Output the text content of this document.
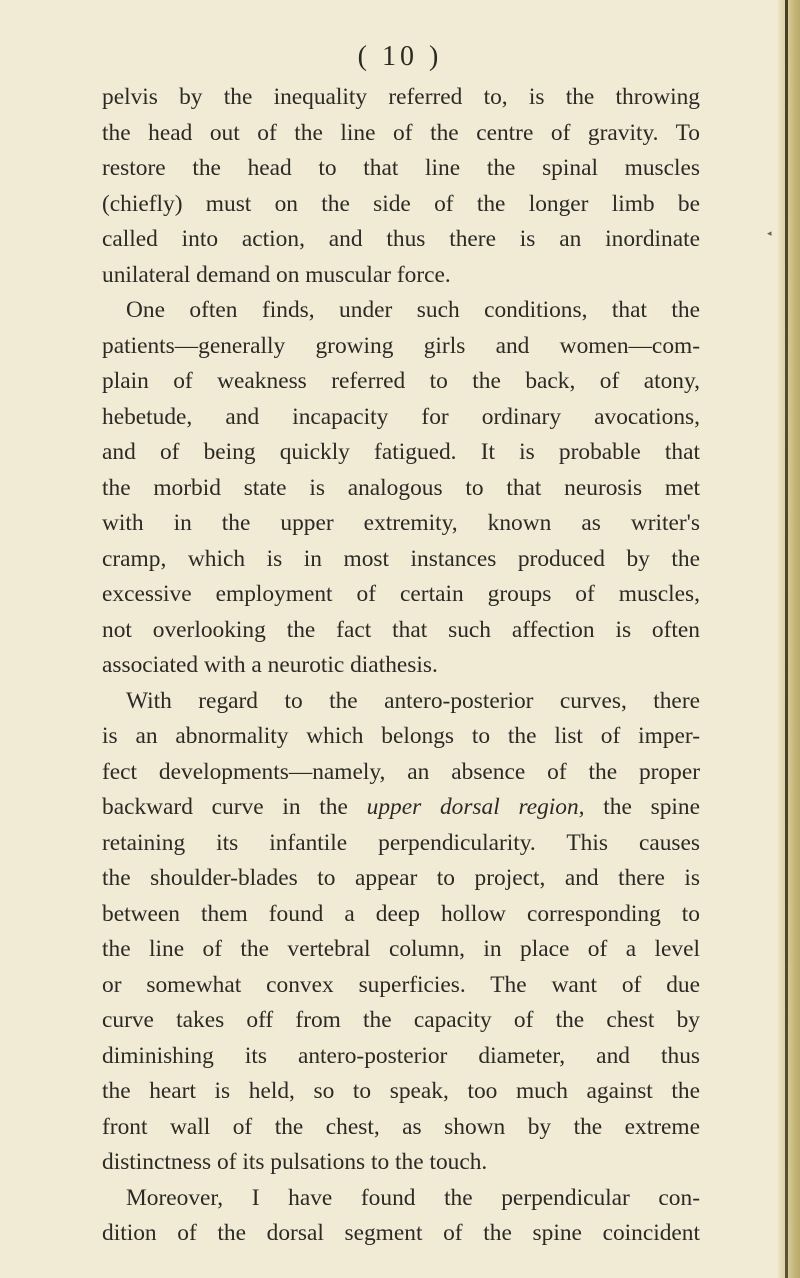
◂
( 10 )
pelvis by the inequality referred to, is the throwing
the head out of the line of the centre of gravity. To
restore the head to that line the spinal muscles
(chiefly) must on the side of the longer limb be
called into action, and thus there is an inordinate
unilateral demand on muscular force.
One often finds, under such conditions, that the
patients—generally growing girls and women—com-
plain of weakness referred to the back, of atony,
hebetude, and incapacity for ordinary avocations,
and of being quickly fatigued. It is probable that
the morbid state is analogous to that neurosis met
with in the upper extremity, known as writer's
cramp, which is in most instances produced by the
excessive employment of certain groups of muscles,
not overlooking the fact that such affection is often
associated with a neurotic diathesis.
With regard to the antero-posterior curves, there
is an abnormality which belongs to the list of imper-
fect developments—namely, an absence of the proper
backward curve in the upper dorsal region, the spine
retaining its infantile perpendicularity. This causes
the shoulder-blades to appear to project, and there is
between them found a deep hollow corresponding to
the line of the vertebral column, in place of a level
or somewhat convex superficies. The want of due
curve takes off from the capacity of the chest by
diminishing its antero-posterior diameter, and thus
the heart is held, so to speak, too much against the
front wall of the chest, as shown by the extreme
distinctness of its pulsations to the touch.
Moreover, I have found the perpendicular con-
dition of the dorsal segment of the spine coincident
